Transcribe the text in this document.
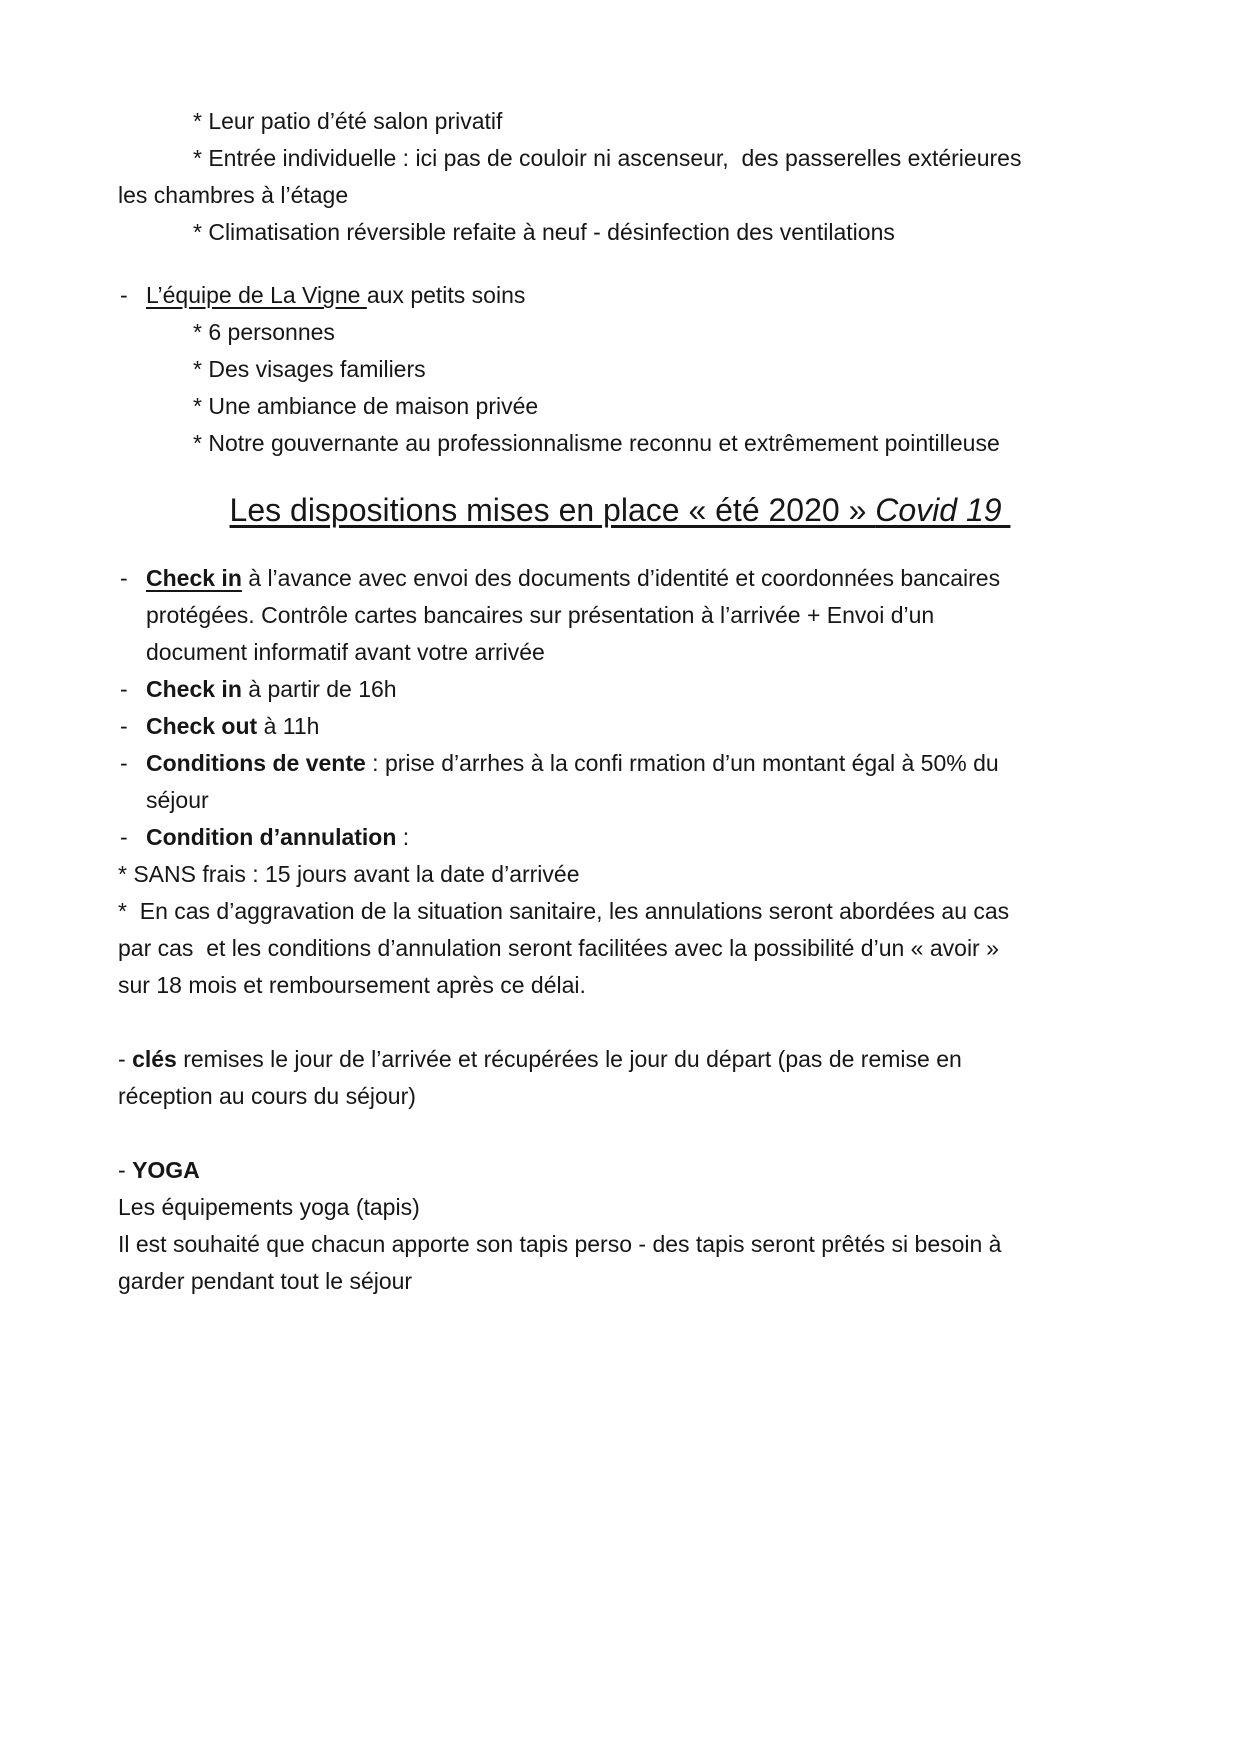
* Leur patio d’été salon privatif
* Entrée individuelle : ici pas de couloir ni ascenseur,  des passerelles extérieures
les chambres à l’étage
* Climatisation réversible refaite à neuf - désinfection des ventilations
- L’équipe de La Vigne aux petits soins
* 6 personnes
* Des visages familiers
* Une ambiance de maison privée
* Notre gouvernante au professionnalisme reconnu et extrêmement pointilleuse
Les dispositions mises en place « été 2020 » Covid 19
- Check in à l’avance avec envoi des documents d’identité et coordonnées bancaires
protégées. Contrôle cartes bancaires sur présentation à l’arrivée + Envoi d’un
document informatif avant votre arrivée
- Check in à partir de 16h
- Check out à 11h
- Conditions de vente : prise d’arrhes à la confi rmation d’un montant égal à 50% du
séjour
- Condition d’annulation :
* SANS frais : 15 jours avant la date d’arrivée
*  En cas d’aggravation de la situation sanitaire, les annulations seront abordées au cas
par cas  et les conditions d’annulation seront facilitées avec la possibilité d’un « avoir »
sur 18 mois et remboursement après ce délai.
- clés remises le jour de l’arrivée et récupérées le jour du départ (pas de remise en
réception au cours du séjour)
- YOGA
Les équipements yoga (tapis)
Il est souhaité que chacun apporte son tapis perso - des tapis seront prêtés si besoin à
garder pendant tout le séjour
